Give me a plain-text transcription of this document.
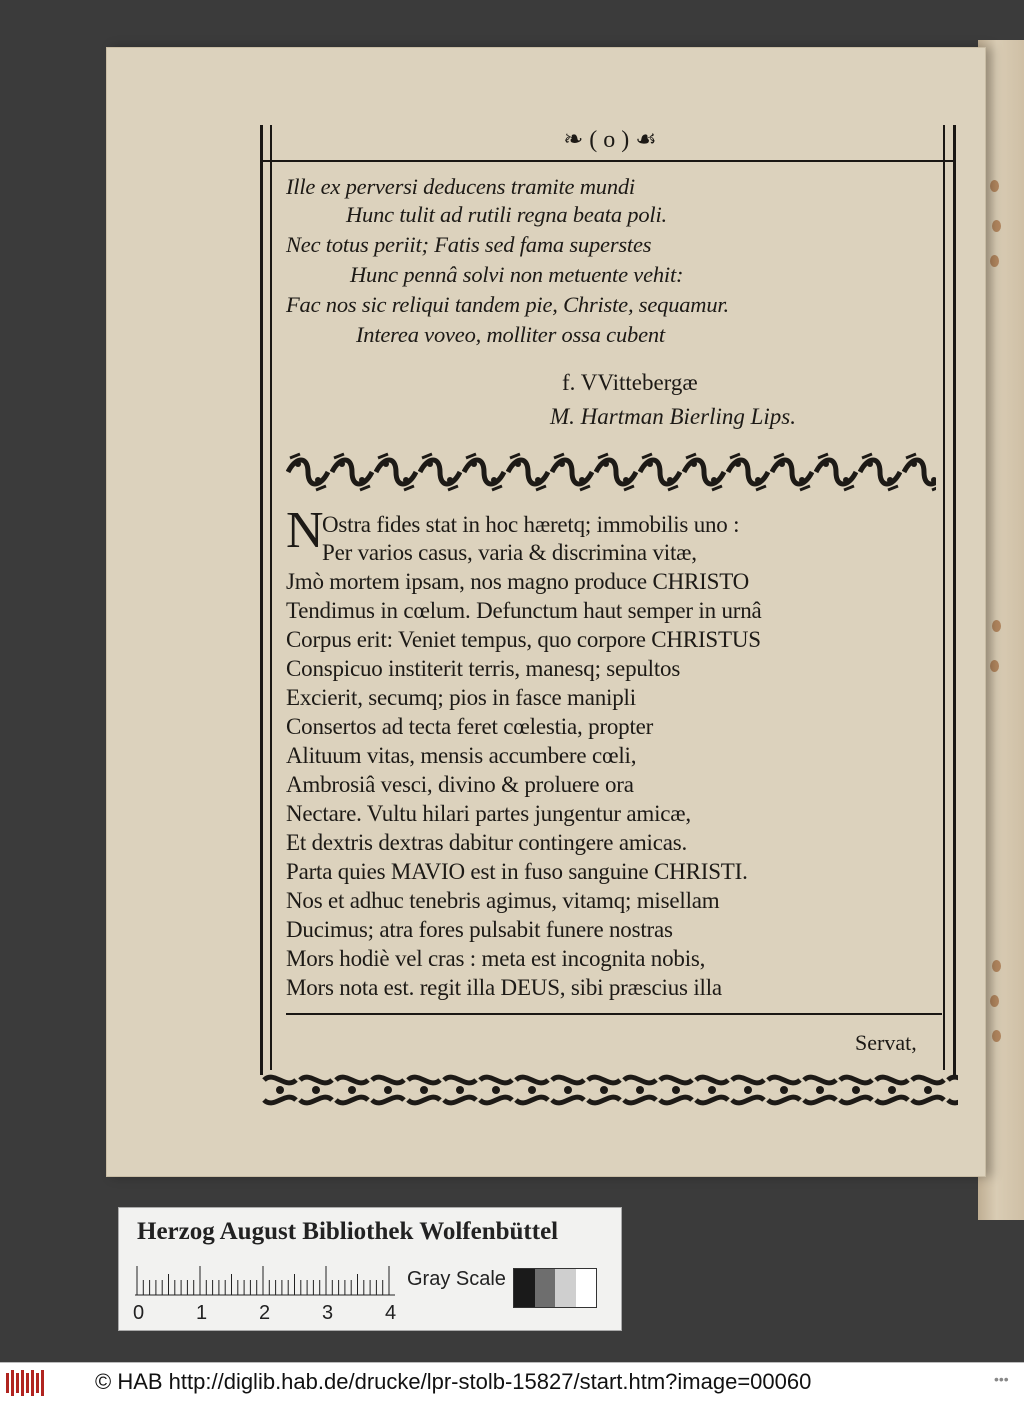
❧ ( o ) ☙
Ille ex perversi deducens tramite mundi
Hunc tulit ad rutili regna beata poli.
Nec totus periit; Fatis sed fama superstes
Hunc pennâ solvi non metuente vehit:
Fac nos sic reliqui tandem pie, Christe, sequamur.
Interea voveo, molliter ossa cubent
f. VVittebergæ
M. Hartman Bierling Lips.
N
Ostra fides stat in hoc hæretq; immobilis uno :
Per varios casus, varia & discrimina vitæ,
Jmò mortem ipsam, nos magno produce CHRISTO
Tendimus in cœlum. Defunctum haut semper in urnâ
Corpus erit: Veniet tempus, quo corpore CHRISTUS
Conspicuo institerit terris, manesq; sepultos
Excierit, secumq; pios in fasce manipli
Consertos ad tecta feret cœlestia, propter
Alituum vitas, mensis accumbere cœli,
Ambrosiâ vesci, divino & proluere ora
Nectare. Vultu hilari partes jungentur amicæ,
Et dextris dextras dabitur contingere amicas.
Parta quies MAVIO est in fuso sanguine CHRISTI.
Nos et adhuc tenebris agimus, vitamq; misellam
Ducimus; atra fores pulsabit funere nostras
Mors hodiè vel cras : meta est incognita nobis,
Mors nota est. regit illa DEUS, sibi præscius illa
Servat,
Herzog August Bibliothek Wolfenbüttel
0	1	2	3	4
Gray Scale
© HAB http://diglib.hab.de/drucke/lpr-stolb-15827/start.htm?image=00060	•••
